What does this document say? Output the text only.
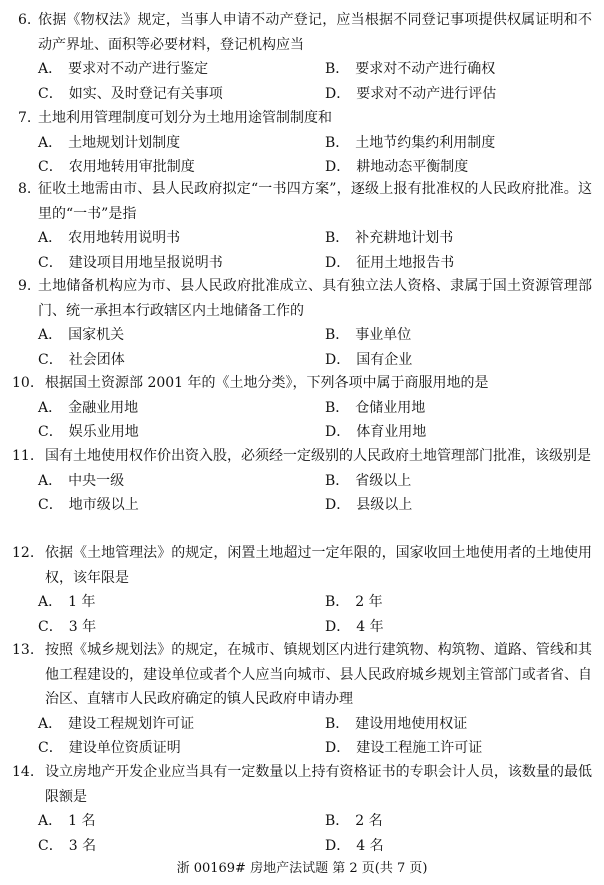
6. 依据《物权法》规定，当事人申请不动产登记，应当根据不同登记事项提供权属证明和不动产界址、面积等必要材料，登记机构应当
A． 要求对不动产进行鉴定	B． 要求对不动产进行确权
C． 如实、及时登记有关事项	D． 要求对不动产进行评估
7. 土地利用管理制度可划分为土地用途管制制度和
A． 土地规划计划制度	B． 土地节约集约利用制度
C． 农用地转用审批制度	D． 耕地动态平衡制度
8. 征收土地需由市、县人民政府拟定“一书四方案”，逐级上报有批准权的人民政府批准。这里的“一书”是指
A． 农用地转用说明书	B． 补充耕地计划书
C． 建设项目用地呈报说明书	D． 征用土地报告书
9. 土地储备机构应为市、县人民政府批准成立、具有独立法人资格、隶属于国土资源管理部门、统一承担本行政辖区内土地储备工作的
A． 国家机关	B． 事业单位
C． 社会团体	D． 国有企业
10. 根据国土资源部 2001 年的《土地分类》，下列各项中属于商服用地的是
A． 金融业用地	B． 仓储业用地
C． 娱乐业用地	D． 体育业用地
11. 国有土地使用权作价出资入股，必须经一定级别的人民政府土地管理部门批准，该级别是
A． 中央一级	B． 省级以上
C． 地市级以上	D． 县级以上
12. 依据《土地管理法》的规定，闲置土地超过一定年限的，国家收回土地使用者的土地使用权，该年限是
A． 1 年	B． 2 年
C． 3 年	D． 4 年
13. 按照《城乡规划法》的规定，在城市、镇规划区内进行建筑物、构筑物、道路、管线和其他工程建设的，建设单位或者个人应当向城市、县人民政府城乡规划主管部门或者省、自治区、直辖市人民政府确定的镇人民政府申请办理
A． 建设工程规划许可证	B． 建设用地使用权证
C． 建设单位资质证明	D． 建设工程施工许可证
14. 设立房地产开发企业应当具有一定数量以上持有资格证书的专职会计人员，该数量的最低限额是
A． 1 名	B． 2 名
C． 3 名	D． 4 名
浙 00169# 房地产法试题 第 2 页(共 7 页)
